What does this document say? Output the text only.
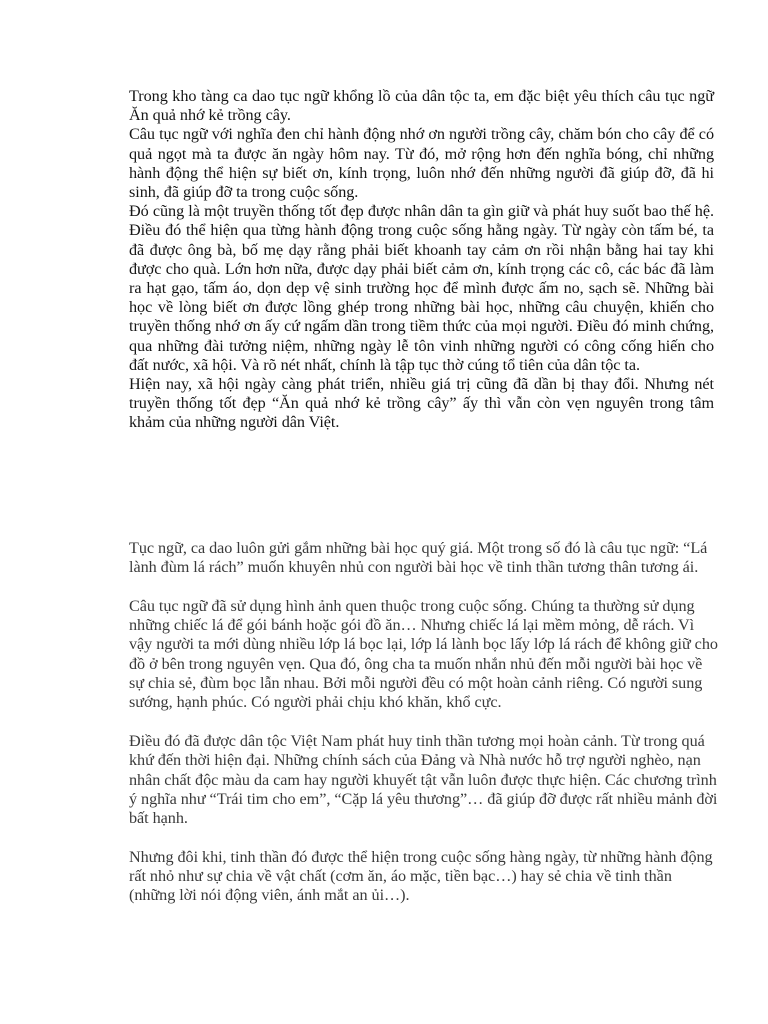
Trong kho tàng ca dao tục ngữ khổng lồ của dân tộc ta, em đặc biệt yêu thích câu tục ngữ Ăn quả nhớ kẻ trồng cây.

Câu tục ngữ với nghĩa đen chỉ hành động nhớ ơn người trồng cây, chăm bón cho cây để có quả ngọt mà ta được ăn ngày hôm nay. Từ đó, mở rộng hơn đến nghĩa bóng, chỉ những hành động thể hiện sự biết ơn, kính trọng, luôn nhớ đến những người đã giúp đỡ, đã hi sinh, đã giúp đỡ ta trong cuộc sống.

Đó cũng là một truyền thống tốt đẹp được nhân dân ta gìn giữ và phát huy suốt bao thế hệ. Điều đó thể hiện qua từng hành động trong cuộc sống hằng ngày. Từ ngày còn tấm bé, ta đã được ông bà, bố mẹ dạy rằng phải biết khoanh tay cảm ơn rồi nhận bằng hai tay khi được cho quà. Lớn hơn nữa, được dạy phải biết cảm ơn, kính trọng các cô, các bác đã làm ra hạt gạo, tấm áo, dọn dẹp vệ sinh trường học để mình được ấm no, sạch sẽ. Những bài học về lòng biết ơn được lồng ghép trong những bài học, những câu chuyện, khiến cho truyền thống nhớ ơn ấy cứ ngấm dần trong tiềm thức của mọi người. Điều đó minh chứng, qua những đài tưởng niệm, những ngày lễ tôn vinh những người có công cống hiến cho đất nước, xã hội. Và rõ nét nhất, chính là tập tục thờ cúng tổ tiên của dân tộc ta.

Hiện nay, xã hội ngày càng phát triển, nhiều giá trị cũng đã dần bị thay đổi. Nhưng nét truyền thống tốt đẹp “Ăn quả nhớ kẻ trồng cây” ấy thì vẫn còn vẹn nguyên trong tâm khảm của những người dân Việt.

Tục ngữ, ca dao luôn gửi gắm những bài học quý giá. Một trong số đó là câu tục ngữ: “Lá lành đùm lá rách” muốn khuyên nhủ con người bài học về tinh thần tương thân tương ái.

Câu tục ngữ đã sử dụng hình ảnh quen thuộc trong cuộc sống. Chúng ta thường sử dụng những chiếc lá để gói bánh hoặc gói đồ ăn… Nhưng chiếc lá lại mềm mỏng, dễ rách. Vì vậy người ta mới dùng nhiều lớp lá bọc lại, lớp lá lành bọc lấy lớp lá rách để không giữ cho đồ ở bên trong nguyên vẹn. Qua đó, ông cha ta muốn nhắn nhủ đến mỗi người bài học về sự chia sẻ, đùm bọc lẫn nhau. Bởi mỗi người đều có một hoàn cảnh riêng. Có người sung sướng, hạnh phúc. Có người phải chịu khó khăn, khổ cực.

Điều đó đã được dân tộc Việt Nam phát huy tinh thần tương mọi hoàn cảnh. Từ trong quá khứ đến thời hiện đại. Những chính sách của Đảng và Nhà nước hỗ trợ người nghèo, nạn nhân chất độc màu da cam hay người khuyết tật vẫn luôn được thực hiện. Các chương trình ý nghĩa như “Trái tim cho em”, “Cặp lá yêu thương”… đã giúp đỡ được rất nhiều mảnh đời bất hạnh.

Nhưng đôi khi, tinh thần đó được thể hiện trong cuộc sống hàng ngày, từ những hành động rất nhỏ như sự chia về vật chất (cơm ăn, áo mặc, tiền bạc…) hay sẻ chia về tinh thần (những lời nói động viên, ánh mắt an ủi…).
